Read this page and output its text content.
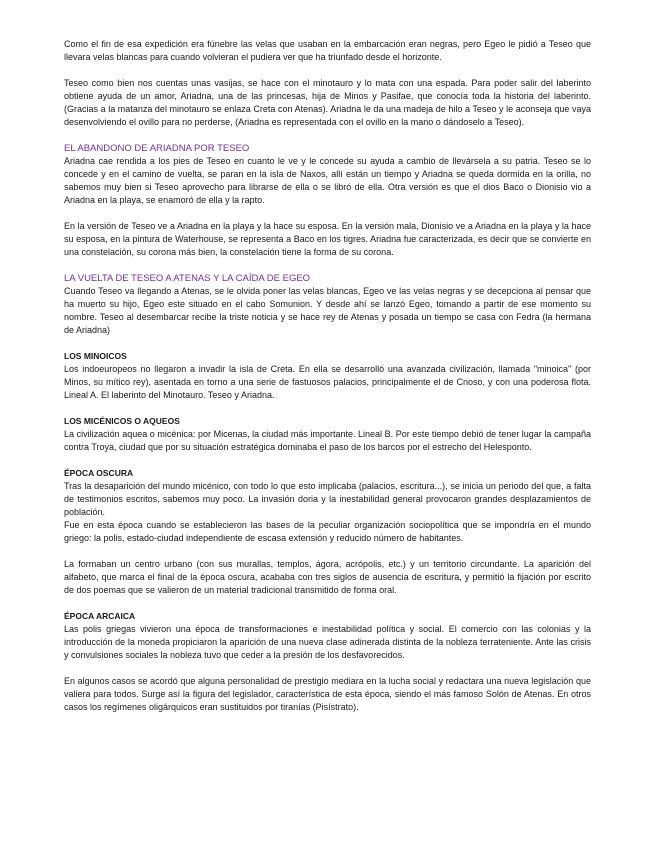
Como el fin de esa expedición era fúnebre las velas que usaban en la embarcación eran negras, pero Egeo le pidió a Teseo que llevara velas blancas para cuando volvieran el pudiera ver que ha triunfado desde el horizonte.

Teseo como bien nos cuentas unas vasijas, se hace con el minotauro y lo mata con una espada. Para poder salir del laberinto obtiene ayuda de un amor, Ariadna, una de las princesas, hija de Minos y Pasifae, que conocía toda la historia del laberinto. (Gracias a la matanza del minotauro se enlaza Creta con Atenas). Ariadna le da una madeja de hilo a Teseo y le aconseja que vaya desenvolviendo el ovillo para no perderse, (Ariadna es representada con el ovillo en la mano o dándoselo a Teseo).

EL ABANDONO DE ARIADNA POR TESEO

Ariadna cae rendida a los pies de Teseo en cuanto le ve y le concede su ayuda a cambio de llevársela a su patria. Teseo se lo concede y en el camino de vuelta, se paran en la isla de Naxos, allí están un tiempo y Ariadna se queda dormida en la orilla, no sabemos muy bien si Teseo aprovecho para librarse de ella o se libró de ella. Otra versión es que el dios Baco o Dionisio vio a Ariadna en la playa, se enamoró de ella y la rapto.

En la versión de Teseo ve a Ariadna en la playa y la hace su esposa. En la versión mala, Dionisio ve a Ariadna en la playa y la hace su esposa, en la pintura de Waterhouse, se representa a Baco en los tigres. Ariadna fue caracterizada, es decir que se convierte en una constelación, su corona más bien, la constelación tiene la forma de su corona.

LA VUELTA DE TESEO A ATENAS Y LA CAÍDA DE EGEO

Cuando Teseo va llegando a Atenas, se le olvida poner las velas blancas, Egeo ve las velas negras y se decepciona al pensar que ha muerto su hijo, Egeo este situado en el cabo Somunion. Y desde ahí se lanzó Egeo, tomando a partir de ese momento su nombre. Teseo al desembarcar recibe la triste noticia y se hace rey de Atenas y posada un tiempo se casa con Fedra (la hermana de Ariadna)

LOS MINOICOS

Los indoeuropeos no llegaron a invadir la isla de Creta. En ella se desarrolló una avanzada civilización, llamada "minoica" (por Minos, su mítico rey), asentada en torno a una serie de fastuosos palacios, principalmente el de Cnoso, y con una poderosa flota. Lineal A. El laberinto del Minotauro. Teseo y Ariadna.

LOS MICÉNICOS O AQUEOS

La civilización aquea o micénica: por Micenas, la ciudad más importante. Lineal B. Por este tiempo debió de tener lugar la campaña contra Troya, ciudad que por su situación estratégica dominaba el paso de los barcos por el estrecho del Helesponto.

ÉPOCA OSCURA

Tras la desaparición del mundo micénico, con todo lo que esto implicaba (palacios, escritura...), se inicia un periodo del que, a falta de testimonios escritos, sabemos muy poco. La invasión doria y la inestabilidad general provocaron grandes desplazamientos de población.

Fue en esta época cuando se establecieron las bases de la peculiar organización sociopolítica que se impondría en el mundo griego: la polis, estado-ciudad independiente de escasa extensión y reducido número de habitantes.

La formaban un centro urbano (con sus murallas, templos, ágora, acrópolis, etc.) y un territorio circundante. La aparición del alfabeto, que marca el final de la época oscura, acababa con tres siglos de ausencia de escritura, y permitió la fijación por escrito de dos poemas que se valieron de un material tradicional transmitido de forma oral.

ÉPOCA ARCAICA

Las polis griegas vivieron una época de transformaciones e inestabilidad política y social. El comercio con las colonias y la introducción de la moneda propiciaron la aparición de una nueva clase adinerada distinta de la nobleza terrateniente. Ante las crisis y convulsiones sociales la nobleza tuvo que ceder a la presión de los desfavorecidos.

En algunos casos se acordó que alguna personalidad de prestigio mediara en la lucha social y redactara una nueva legislación que valiera para todos. Surge así la figura del legislador, característica de esta época, siendo el más famoso Solón de Atenas. En otros casos los regímenes oligárquicos eran sustituidos por tiranías (Pisístrato).
